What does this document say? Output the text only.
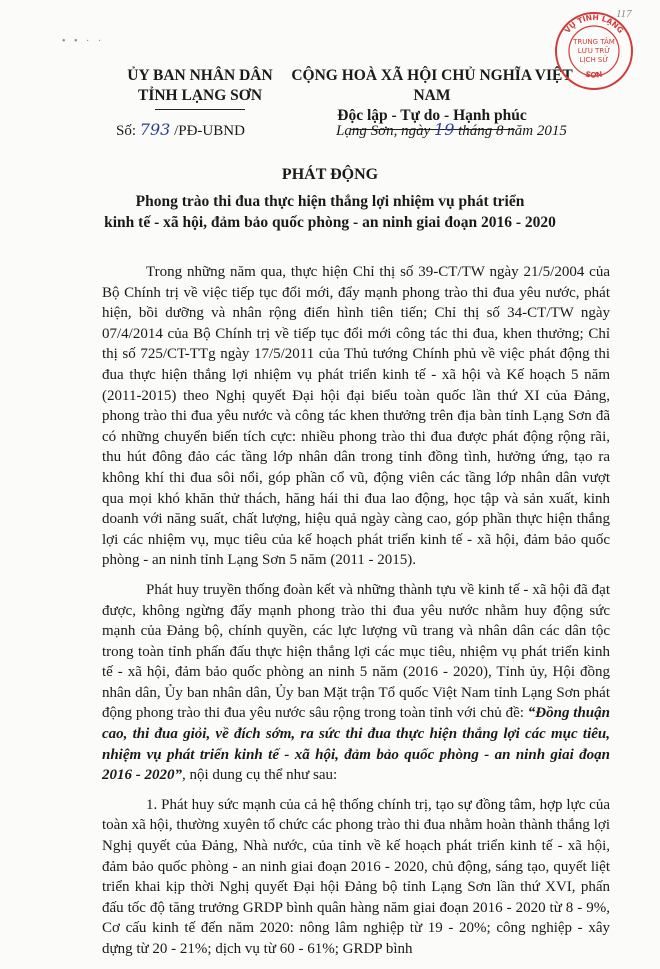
• • · ·
ỦY BAN NHÂN DÂN
TỈNH LẠNG SƠN
CỘNG HOÀ XÃ HỘI CHỦ NGHĨA VIỆT NAM
Độc lập - Tự do - Hạnh phúc
VỤ TỈNH LẠNG
SƠN
TRUNG TÂM
LƯU TRỮ
LỊCH SỬ
117
Số: 793 /PĐ-UBND	Lạng Sơn, ngày 19 tháng 8 năm 2015
PHÁT ĐỘNG
Phong trào thi đua thực hiện thắng lợi nhiệm vụ phát triển
kinh tế - xã hội, đảm bảo quốc phòng - an ninh giai đoạn 2016 - 2020

Trong những năm qua, thực hiện Chỉ thị số 39-CT/TW ngày 21/5/2004 của Bộ Chính trị về việc tiếp tục đổi mới, đẩy mạnh phong trào thi đua yêu nước, phát hiện, bồi dưỡng và nhân rộng điển hình tiên tiến; Chỉ thị số 34-CT/TW ngày 07/4/2014 của Bộ Chính trị về tiếp tục đổi mới công tác thi đua, khen thưởng; Chỉ thị số 725/CT-TTg ngày 17/5/2011 của Thủ tướng Chính phủ về việc phát động thi đua thực hiện thắng lợi nhiệm vụ phát triển kinh tế - xã hội và Kế hoạch 5 năm (2011-2015) theo Nghị quyết Đại hội đại biểu toàn quốc lần thứ XI của Đảng, phong trào thi đua yêu nước và công tác khen thưởng trên địa bàn tỉnh Lạng Sơn đã có những chuyển biến tích cực: nhiều phong trào thi đua được phát động rộng rãi, thu hút đông đảo các tầng lớp nhân dân trong tỉnh đồng tình, hưởng ứng, tạo ra không khí thi đua sôi nổi, góp phần cổ vũ, động viên các tầng lớp nhân dân vượt qua mọi khó khăn thử thách, hăng hái thi đua lao động, học tập và sản xuất, kinh doanh với năng suất, chất lượng, hiệu quả ngày càng cao, góp phần thực hiện thắng lợi các nhiệm vụ, mục tiêu của kế hoạch phát triển kinh tế - xã hội, đảm bảo quốc phòng - an ninh tỉnh Lạng Sơn 5 năm (2011 - 2015).

Phát huy truyền thống đoàn kết và những thành tựu về kinh tế - xã hội đã đạt được, không ngừng đẩy mạnh phong trào thi đua yêu nước nhằm huy động sức mạnh của Đảng bộ, chính quyền, các lực lượng vũ trang và nhân dân các dân tộc trong toàn tỉnh phấn đấu thực hiện thắng lợi các mục tiêu, nhiệm vụ phát triển kinh tế - xã hội, đảm bảo quốc phòng an ninh 5 năm (2016 - 2020), Tỉnh ủy, Hội đồng nhân dân, Ủy ban nhân dân, Ủy ban Mặt trận Tổ quốc Việt Nam tỉnh Lạng Sơn phát động phong trào thi đua yêu nước sâu rộng trong toàn tỉnh với chủ đề: “Đồng thuận cao, thi đua giỏi, về đích sớm, ra sức thi đua thực hiện thắng lợi các mục tiêu, nhiệm vụ phát triển kinh tế - xã hội, đảm bảo quốc phòng - an ninh giai đoạn 2016 - 2020”, nội dung cụ thể như sau:

1. Phát huy sức mạnh của cả hệ thống chính trị, tạo sự đồng tâm, hợp lực của toàn xã hội, thường xuyên tổ chức các phong trào thi đua nhằm hoàn thành thắng lợi Nghị quyết của Đảng, Nhà nước, của tỉnh về kế hoạch phát triển kinh tế - xã hội, đảm bảo quốc phòng - an ninh giai đoạn 2016 - 2020, chủ động, sáng tạo, quyết liệt triển khai kịp thời Nghị quyết Đại hội Đảng bộ tỉnh Lạng Sơn lần thứ XVI, phấn đấu tốc độ tăng trưởng GRDP bình quân hàng năm giai đoạn 2016 - 2020 từ 8 - 9%, Cơ cấu kinh tế đến năm 2020: nông lâm nghiệp từ 19 - 20%; công nghiệp - xây dựng từ 20 - 21%; dịch vụ từ 60 - 61%; GRDP bình
